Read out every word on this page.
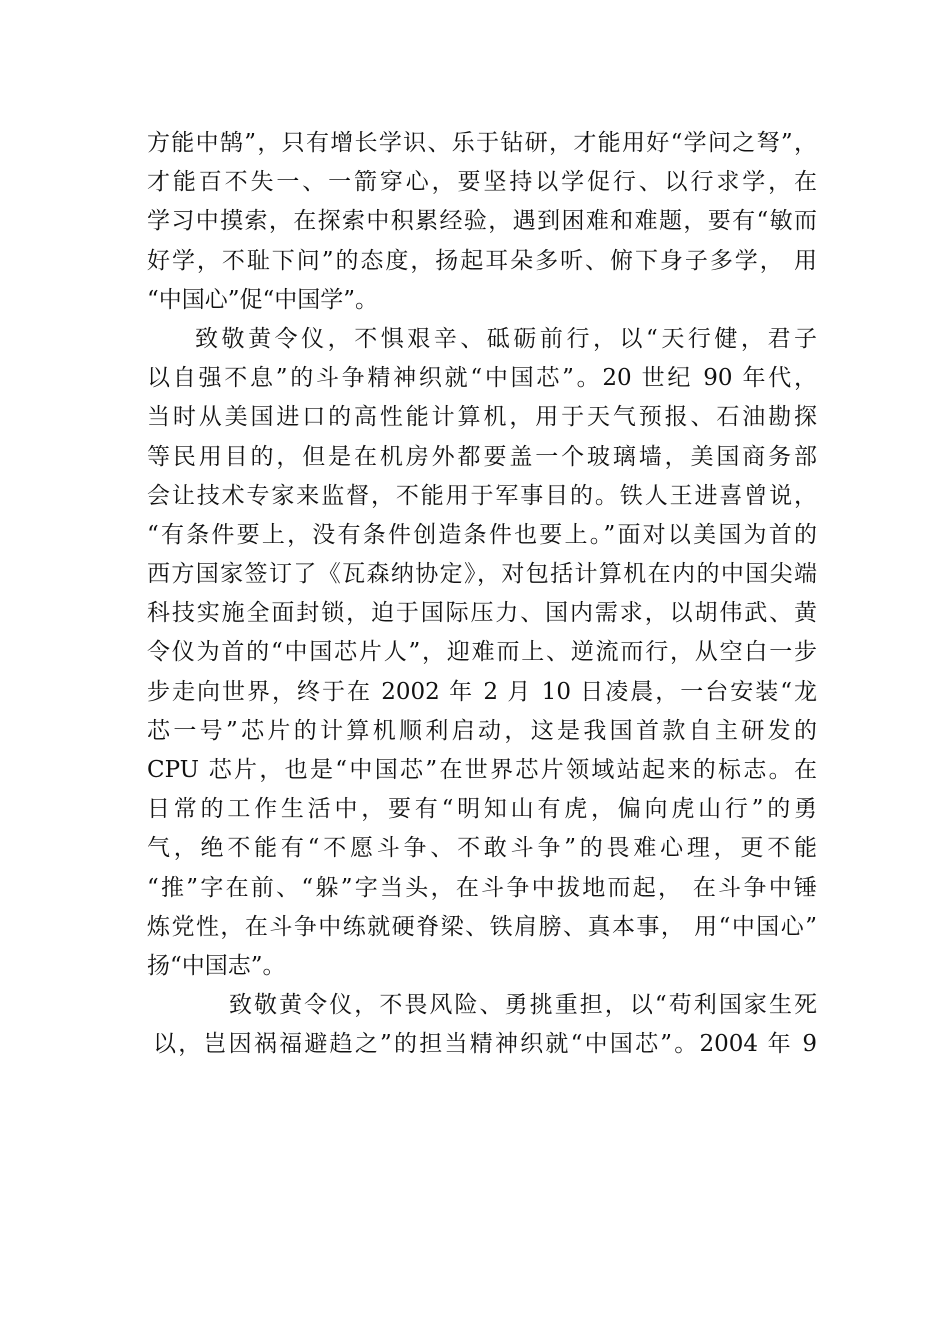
方能中鹄”，只有增长学识、乐于钻研，才能用好“学问之弩”，
才能百不失一、一箭穿心，要坚持以学促行、以行求学，在
学习中摸索，在探索中积累经验，遇到困难和难题，要有“敏而
好学，不耻下问”的态度，扬起耳朵多听、俯下身子多学， 用
“中国心”促“中国学”。
致敬黄令仪，不惧艰辛、砥砺前行，以“天行健，君子
以自强不息”的斗争精神织就“中国芯”。20 世纪 90 年代，
当时从美国进口的高性能计算机，用于天气预报、石油勘探
等民用目的，但是在机房外都要盖一个玻璃墙，美国商务部
会让技术专家来监督，不能用于军事目的。铁人王进喜曾说，
“有条件要上，没有条件创造条件也要上。”面对以美国为首的
西方国家签订了《瓦森纳协定》，对包括计算机在内的中国尖端
科技实施全面封锁，迫于国际压力、国内需求，以胡伟武、黄
令仪为首的“中国芯片人”，迎难而上、逆流而行，从空白一步
步走向世界，终于在 2002 年 2 月 10 日凌晨，一台安装“龙
芯一号”芯片的计算机顺利启动，这是我国首款自主研发的
CPU 芯片，也是“中国芯”在世界芯片领域站起来的标志。在
日常的工作生活中，要有“明知山有虎，偏向虎山行”的勇
气，绝不能有“不愿斗争、不敢斗争”的畏难心理，更不能
“推”字在前、“躲”字当头，在斗争中拔地而起， 在斗争中锤
炼党性，在斗争中练就硬脊梁、铁肩膀、真本事， 用“中国心”
扬“中国志”。
致敬黄令仪，不畏风险、勇挑重担，以“苟利国家生死
以，岂因祸福避趋之”的担当精神织就“中国芯”。2004 年 9
